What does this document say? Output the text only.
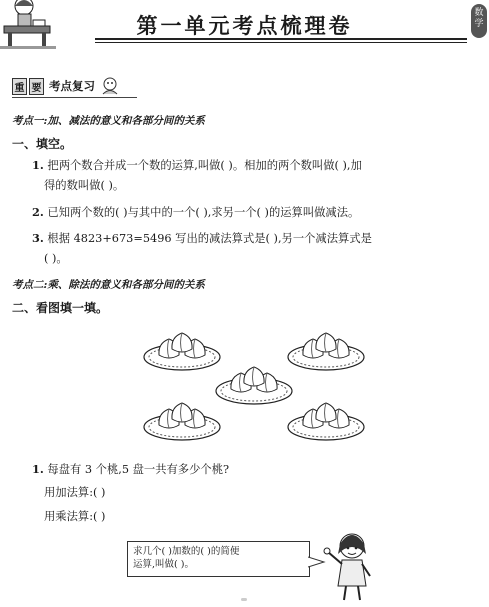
第一单元考点梳理卷
数学
重 要 考点复习
考点一:加、减法的意义和各部分间的关系
一、填空。
1. 把两个数合并成一个数的运算,叫做( )。相加的两个数叫做( ),加
得的数叫做( )。
2. 已知两个数的( )与其中的一个( ),求另一个( )的运算叫做减法。
3. 根据 4823+673=5496 写出的减法算式是( ),另一个减法算式是
( )。
考点二:乘、除法的意义和各部分间的关系
二、看图填一填。
1. 每盘有 3 个桃,5 盘一共有多少个桃?
用加法算:( )
用乘法算:( )
求几个( )加数的( )的简便
运算,叫做( )。
